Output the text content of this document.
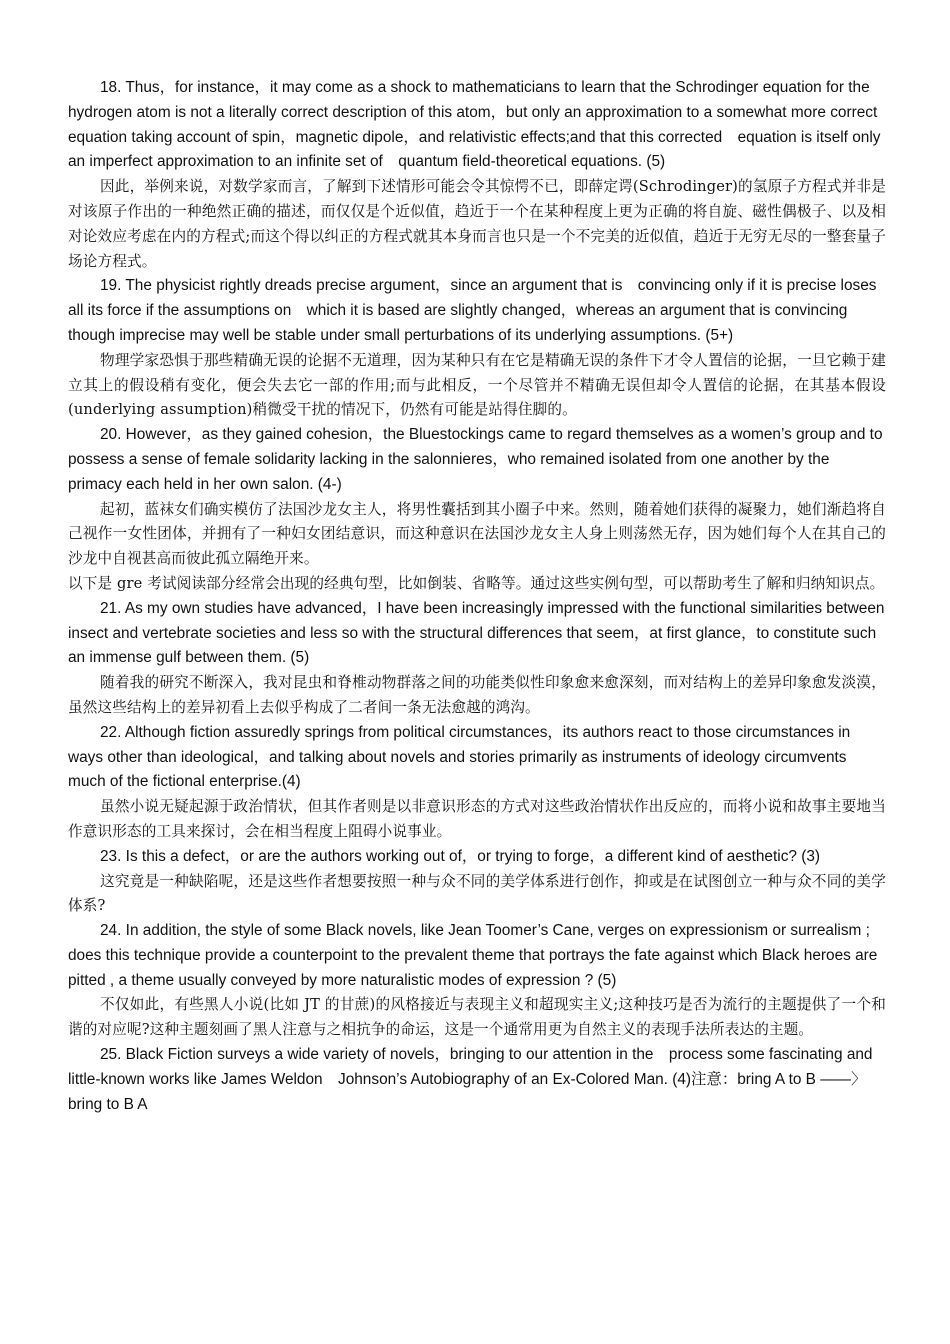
18. Thus，for instance，it may come as a shock to mathematicians to learn that the Schrodinger equation for the hydrogen atom is not a literally correct description of this atom，but only an approximation to a somewhat more correct equation taking account of spin，magnetic dipole，and relativistic effects;and that this corrected　equation is itself only an imperfect approximation to an infinite set of　quantum field-theoretical equations. (5)

因此，举例来说，对数学家而言，了解到下述情形可能会令其惊愕不已，即薛定谔(Schrodinger)的氢原子方程式并非是对该原子作出的一种绝然正确的描述，而仅仅是个近似值，趋近于一个在某种程度上更为正确的将自旋、磁性偶极子、以及相对论效应考虑在内的方程式;而这个得以纠正的方程式就其本身而言也只是一个不完美的近似值，趋近于无穷无尽的一整套量子场论方程式。

19. The physicist rightly dreads precise argument，since an argument that is　convincing only if it is precise loses all its force if the assumptions on　which it is based are slightly changed，whereas an argument that is convincing though imprecise may well be stable under small perturbations of its underlying assumptions. (5+)

物理学家恐惧于那些精确无误的论据不无道理，因为某种只有在它是精确无误的条件下才令人置信的论据，一旦它赖于建立其上的假设稍有变化，便会失去它一部的作用;而与此相反，一个尽管并不精确无误但却令人置信的论据，在其基本假设(underlying assumption)稍微受干扰的情况下，仍然有可能是站得住脚的。

20. However，as they gained cohesion，the Bluestockings came to regard themselves as a women’s group and to possess a sense of female solidarity lacking in the salonnieres，who remained isolated from one another by the primacy each held in her own salon. (4-)

起初，蓝袜女们确实模仿了法国沙龙女主人，将男性囊括到其小圈子中来。然则，随着她们获得的凝聚力，她们渐趋将自己视作一女性团体，并拥有了一种妇女团结意识，而这种意识在法国沙龙女主人身上则荡然无存，因为她们每个人在其自己的沙龙中自视甚高而彼此孤立隔绝开来。

以下是 gre 考试阅读部分经常会出现的经典句型，比如倒装、省略等。通过这些实例句型，可以帮助考生了解和归纳知识点。

21. As my own studies have advanced，I have been increasingly impressed with the functional similarities between insect and vertebrate societies and less so with the structural differences that seem，at first glance，to constitute such an immense gulf between them. (5)

随着我的研究不断深入，我对昆虫和脊椎动物群落之间的功能类似性印象愈来愈深刻，而对结构上的差异印象愈发淡漠，虽然这些结构上的差异初看上去似乎构成了二者间一条无法愈越的鸿沟。

22. Although fiction assuredly springs from political circumstances，its authors react to those circumstances in ways other than ideological，and talking about novels and stories primarily as instruments of ideology circumvents much of the fictional enterprise.(4)

虽然小说无疑起源于政治情状，但其作者则是以非意识形态的方式对这些政治情状作出反应的，而将小说和故事主要地当作意识形态的工具来探讨，会在相当程度上阻碍小说事业。

23. Is this a defect，or are the authors working out of，or trying to forge，a different kind of aesthetic? (3)

这究竟是一种缺陷呢，还是这些作者想要按照一种与众不同的美学体系进行创作，抑或是在试图创立一种与众不同的美学体系?

24. In addition, the style of some Black novels, like Jean Toomer’s Cane, verges on expressionism or surrealism ; does this technique provide a counterpoint to the prevalent theme that portrays the fate against which Black heroes are pitted , a theme usually conveyed by more naturalistic modes of expression ? (5)

不仅如此，有些黑人小说(比如 JT 的甘蔗)的风格接近与表现主义和超现实主义;这种技巧是否为流行的主题提供了一个和谐的对应呢?这种主题刻画了黑人注意与之相抗争的命运，这是一个通常用更为自然主义的表现手法所表达的主题。

25. Black Fiction surveys a wide variety of novels，bringing to our attention in the　process some fascinating and little-known works like James Weldon　Johnson’s Autobiography of an Ex-Colored Man. (4)注意：bring A to B ——〉bring to B A
